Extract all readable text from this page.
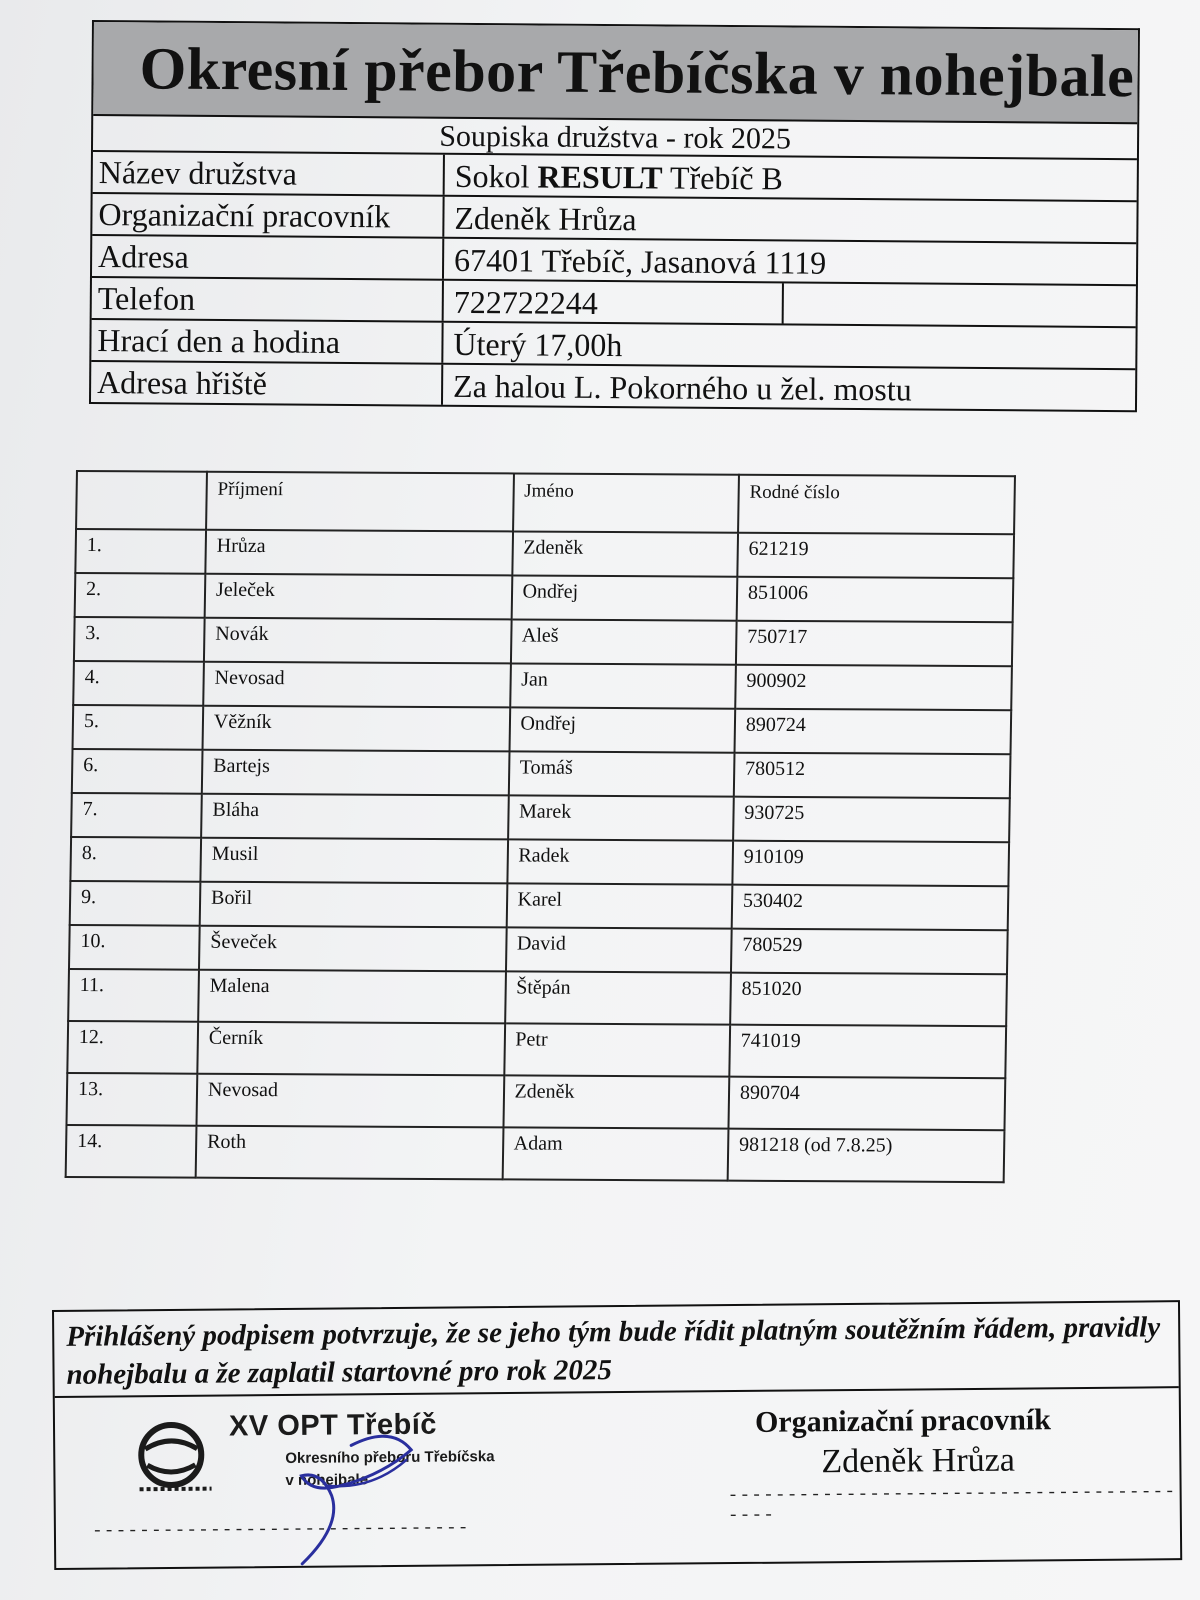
Okresní přebor Třebíčska v nohejbale
Soupiska družstva - rok 2025
Název družstva	Sokol RESULT Třebíč B
Organizační pracovník	Zdeněk Hrůza
Adresa	67401 Třebíč, Jasanová 1119
Telefon	722722244
Hrací den a hodina	Úterý 17,00h
Adresa hřiště	Za halou L. Pokorného u žel. mostu
	Příjmení	Jméno	Rodné číslo
1.	Hrůza	Zdeněk	621219
2.	Jeleček	Ondřej	851006
3.	Novák	Aleš	750717
4.	Nevosad	Jan	900902
5.	Věžník	Ondřej	890724
6.	Bartejs	Tomáš	780512
7.	Bláha	Marek	930725
8.	Musil	Radek	910109
9.	Bořil	Karel	530402
10.	Ševeček	David	780529
11.	Malena	Štěpán	851020
12.	Černík	Petr	741019
13.	Nevosad	Zdeněk	890704
14.	Roth	Adam	981218 (od 7.8.25)
Přihlášený podpisem potvrzuje, že se jeho tým bude řídit platným soutěžním řádem, pravidly nohejbalu a že zaplatil startovné pro rok 2025
XV OPT Třebíč
Okresního přeboru Třebíčska
v nohejbale
--------------------------------
Organizační pracovník
Zdeněk Hrůza
------------------------------------------
